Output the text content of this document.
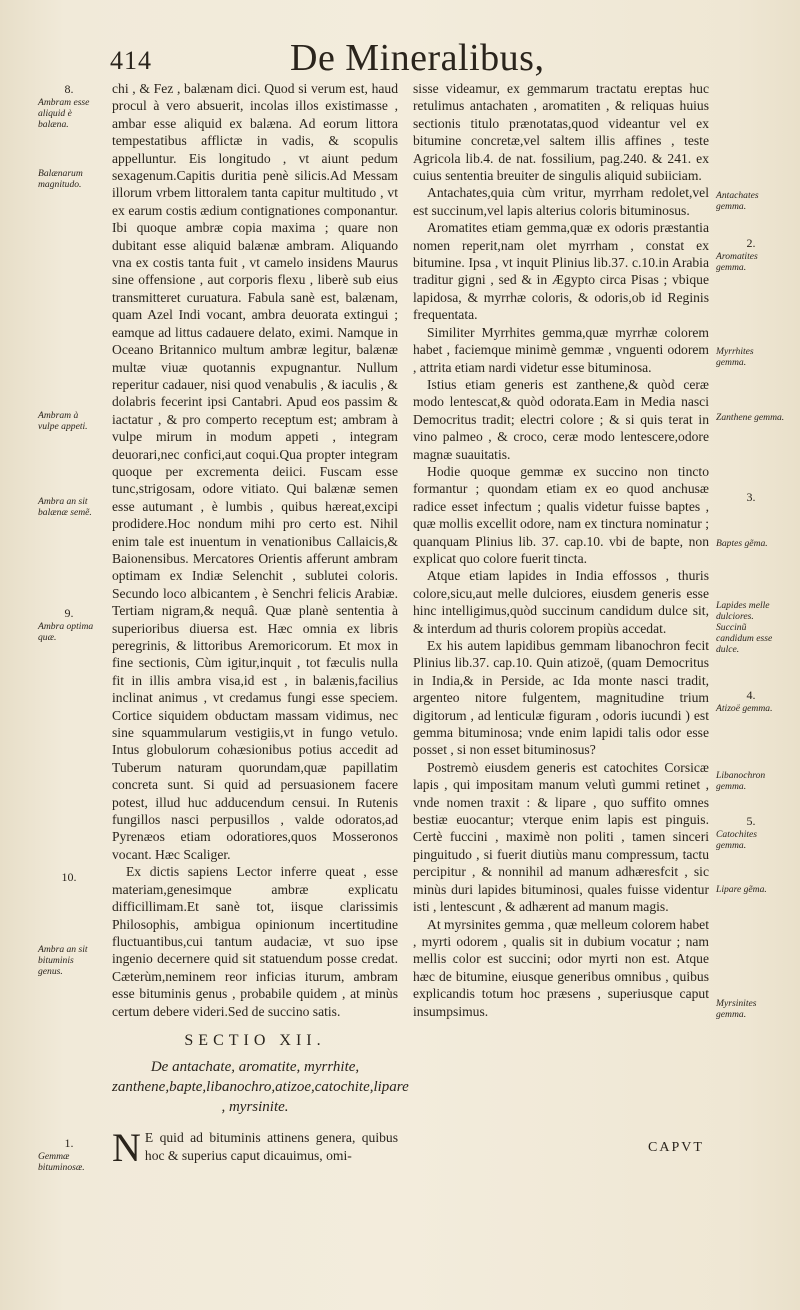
414	De Mineralibus,
8.
Ambram esse aliquid è balæna.
Balænarum magnitudo.
Ambram à vulpe appeti.
Ambra an sit balænæ semẽ.
9.
Ambra optima quæ.
10.
Ambra an sit bituminis genus.
1.
Gemmæ bituminosæ.
Antachates gemma.
2.
Aromatites gemma.
Myrrhites gemma.
Zanthene gemma.
3.
Baptes gẽma.
Lapides melle dulciores. Succinũ candidum esse dulce.
4.
Atizoë gemma.
Libanochron gemma.
5.
Catochites gemma.
Lipare gẽma.
Myrsinites gemma.

chi , & Fez , balænam dici. Quod si verum est, haud procul à vero absuerit, incolas illos existimasse , ambar esse aliquid ex balæna. Ad eorum littora tempestatibus afflictæ in vadis, & scopulis appelluntur. Eis longitudo , vt aiunt pedum sexagenum.Capitis duritia penè silicis.Ad Messam illorum vrbem littoralem tanta capitur multitudo , vt ex earum costis ædium contignationes componantur. Ibi quoque ambræ copia maxima ; quare non dubitant esse aliquid balænæ ambram. Aliquando vna ex costis tanta fuit , vt camelo insidens Maurus sine offensione , aut corporis flexu , liberè sub eius transmitteret curuatura. Fabula sanè est, balænam, quam Azel Indi vocant, ambra deuorata extingui ; eamque ad littus cadauere delato, eximi. Namque in Oceano Britannico multum ambræ legitur, balænæ multæ viuæ quotannis expugnantur. Nullum reperitur cadauer, nisi quod venabulis , & iaculis , & dolabris fecerint ipsi Cantabri. Apud eos passim & iactatur , & pro comperto receptum est; ambram à vulpe mirum in modum appeti , integram deuorari,nec confici,aut coqui.Qua propter integram quoque per excrementa deiici. Fuscam esse tunc,strigosam, odore vitiato. Qui balænæ semen esse autumant , è lumbis , quibus hæreat,excipi prodidere.Hoc nondum mihi pro certo est. Nihil enim tale est inuentum in venationibus Callaicis,& Baionensibus. Mercatores Orientis afferunt ambram optimam ex Indiæ Selenchit , sublutei coloris. Secundo loco albicantem , è Senchri felicis Arabiæ. Tertiam nigram,& nequâ. Quæ planè sententia à superioribus diuersa est. Hæc omnia ex libris peregrinis, & littoribus Aremoricorum. Et mox in fine sectionis, Cùm igitur,inquit , tot fæculis nulla fit in illis ambra visa,id est , in balænis,facilius inclinat animus , vt credamus fungi esse speciem. Cortice siquidem obductam massam vidimus, nec sine squammularum vestigiis,vt in fungo vetulo. Intus globulorum cohæsionibus potius accedit ad Tuberum naturam quorundam,quæ papillatim concreta sunt. Si quid ad persuasionem facere potest, illud huc adducendum censui. In Rutenis fungillos nasci perpusillos , valde odoratos,ad Pyrenæos etiam odoratiores,quos Mosseronos vocant. Hæc Scaliger.

Ex dictis sapiens Lector inferre queat , esse materiam,genesimque ambræ explicatu difficillimam.Et sanè tot, iisque clarissimis Philosophis, ambigua opinionum incertitudine fluctuantibus,cui tantum audaciæ, vt suo ipse ingenio decernere quid sit statuendum posse credat. Cæterùm,neminem reor inficias iturum, ambram esse bituminis genus , probabile quidem , at minùs certum debere videri.Sed de succino satis.

SECTIO XII.
De antachate, aromatite, myrrhite, zanthene,bapte,libanochro,atizoe,catochite,lipare , myrsinite.

N E quid ad bituminis attinens genera, quibus hoc & superius caput dicauimus, omi-

sisse videamur, ex gemmarum tractatu ereptas huc retulimus antachaten , aromatiten , & reliquas huius sectionis titulo prænotatas,quod videantur vel ex bitumine concretæ,vel saltem illis affines , teste Agricola lib.4. de nat. fossilium, pag.240. & 241. ex cuius sententia breuiter de singulis aliquid subiiciam.

Antachates,quia cùm vritur, myrrham redolet,vel est succinum,vel lapis alterius coloris bituminosus.

Aromatites etiam gemma,quæ ex odoris præstantia nomen reperit,nam olet myrrham , constat ex bitumine. Ipsa , vt inquit Plinius lib.37. c.10.in Arabia traditur gigni , sed & in Ægypto circa Pisas ; vbique lapidosa, & myrrhæ coloris, & odoris,ob id Reginis frequentata.

Similiter Myrrhites gemma,quæ myrrhæ colorem habet , faciemque minimè gemmæ , vnguenti odorem , attrita etiam nardi videtur esse bituminosa.

Istius etiam generis est zanthene,& quòd ceræ modo lentescat,& quòd odorata.Eam in Media nasci Democritus tradit; electri colore ; & si quis terat in vino palmeo , & croco, ceræ modo lentescere,odore magnæ suauitatis.

Hodie quoque gemmæ ex succino non tincto formantur ; quondam etiam ex eo quod anchusæ radice esset infectum ; qualis videtur fuisse baptes , quæ mollis excellit odore, nam ex tinctura nominatur ; quanquam Plinius lib. 37. cap.10. vbi de bapte, non explicat quo colore fuerit tincta.

Atque etiam lapides in India effossos , thuris colore,sicu,aut melle dulciores, eiusdem generis esse hinc intelligimus,quòd succinum candidum dulce sit, & interdum ad thuris colorem propiùs accedat.

Ex his autem lapidibus gemmam libanochron fecit Plinius lib.37. cap.10. Quin atizoë, (quam Democritus in India,& in Perside, ac Ida monte nasci tradit, argenteo nitore fulgentem, magnitudine trium digitorum , ad lenticulæ figuram , odoris iucundi ) est gemma bituminosa; vnde enim lapidi talis odor esse posset , si non esset bituminosus?

Postremò eiusdem generis est catochites Corsicæ lapis , qui impositam manum velutì gummi retinet , vnde nomen traxit : & lipare , quo suffito omnes bestiæ euocantur; vterque enim lapis est pinguis. Certè fuccini , maximè non politi , tamen sinceri pinguitudo , si fuerit diutiùs manu compressum, tactu percipitur , & nonnihil ad manum adhæresfcit , sic minùs duri lapides bituminosi, quales fuisse videntur isti , lentescunt , & adhærent ad manum magis.

At myrsinites gemma , quæ melleum colorem habet , myrti odorem , qualis sit in dubium vocatur ; nam mellis color est succini; odor myrti non est. Atque hæc de bitumine, eiusque generibus omnibus , quibus explicandis totum hoc præsens , superiusque caput insumpsimus.

CAPVT
